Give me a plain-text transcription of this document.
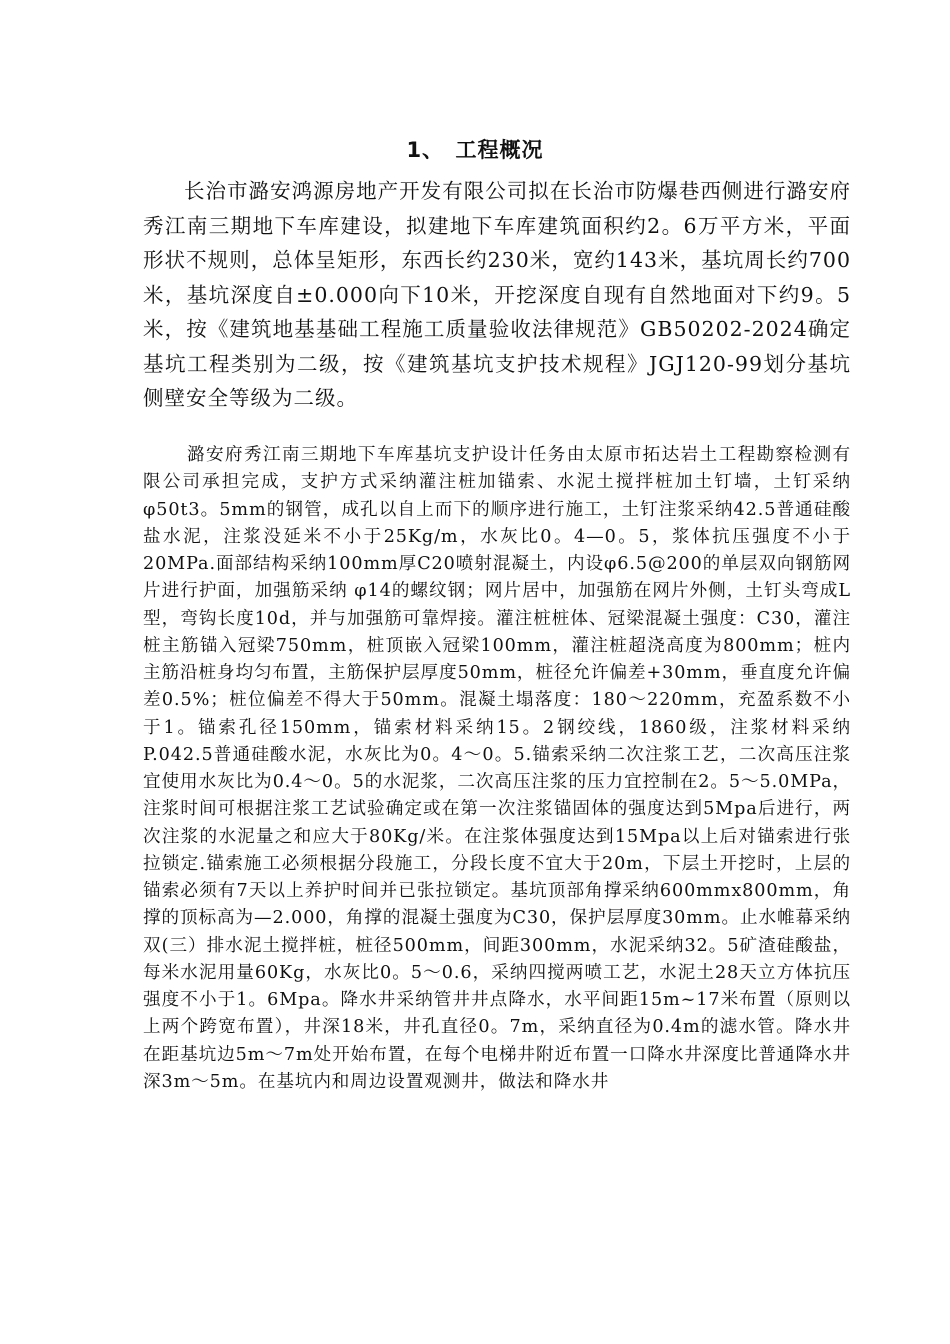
1、　工程概况

长治市潞安鸿源房地产开发有限公司拟在长治市防爆巷西侧进行潞安府秀江南三期地下车库建设，拟建地下车库建筑面积约2。6万平方米，平面形状不规则，总体呈矩形，东西长约230米，宽约143米，基坑周长约700米，基坑深度自±0.000向下10米，开挖深度自现有自然地面对下约9。5米，按《建筑地基基础工程施工质量验收法律规范》GB50202-2024确定基坑工程类别为二级，按《建筑基坑支护技术规程》JGJ120-99划分基坑侧壁安全等级为二级。

潞安府秀江南三期地下车库基坑支护设计任务由太原市拓达岩土工程勘察检测有限公司承担完成，支护方式采纳灌注桩加锚索、水泥土搅拌桩加土钉墙，土钉采纳 φ50t3。5mm的钢管，成孔以自上而下的顺序进行施工，土钉注浆采纳42.5普通硅酸盐水泥，注浆没延米不小于25Kg/m，水灰比0。4—0。5，浆体抗压强度不小于20MPa.面部结构采纳100mm厚C20喷射混凝土，内设φ6.5@200的单层双向钢筋网片进行护面，加强筋采纳 φ14的螺纹钢；网片居中，加强筋在网片外侧，土钉头弯成L型，弯钩长度10d，并与加强筋可靠焊接。灌注桩桩体、冠梁混凝土强度：C30，灌注桩主筋锚入冠梁750mm，桩顶嵌入冠梁100mm，灌注桩超浇高度为800mm；桩内主筋沿桩身均匀布置，主筋保护层厚度50mm，桩径允许偏差+30mm，垂直度允许偏差0.5%；桩位偏差不得大于50mm。混凝土塌落度：180～220mm，充盈系数不小于1。锚索孔径150mm，锚索材料采纳15。2钢绞线，1860级，注浆材料采纳P.042.5普通硅酸水泥，水灰比为0。4～0。5.锚索采纳二次注浆工艺，二次高压注浆宜使用水灰比为0.4～0。5的水泥浆，二次高压注浆的压力宜控制在2。5～5.0MPa，注浆时间可根据注浆工艺试验确定或在第一次注浆锚固体的强度达到5Mpa后进行，两次注浆的水泥量之和应大于80Kg/米。在注浆体强度达到15Mpa以上后对锚索进行张拉锁定.锚索施工必须根据分段施工，分段长度不宜大于20m，下层土开挖时，上层的锚索必须有7天以上养护时间并已张拉锁定。基坑顶部角撑采纳600mmx800mm，角撑的顶标高为—2.000，角撑的混凝土强度为C30，保护层厚度30mm。止水帷幕采纳双(三）排水泥土搅拌桩，桩径500mm，间距300mm，水泥采纳32。5矿渣硅酸盐，每米水泥用量60Kg，水灰比0。5～0.6，采纳四搅两喷工艺，水泥土28天立方体抗压强度不小于1。6Mpa。降水井采纳管井井点降水，水平间距15m~17米布置（原则以上两个跨宽布置），井深18米，井孔直径0。7m，采纳直径为0.4m的滤水管。降水井在距基坑边5m～7m处开始布置，在每个电梯井附近布置一口降水井深度比普通降水井深3m～5m。在基坑内和周边设置观测井，做法和降水井
